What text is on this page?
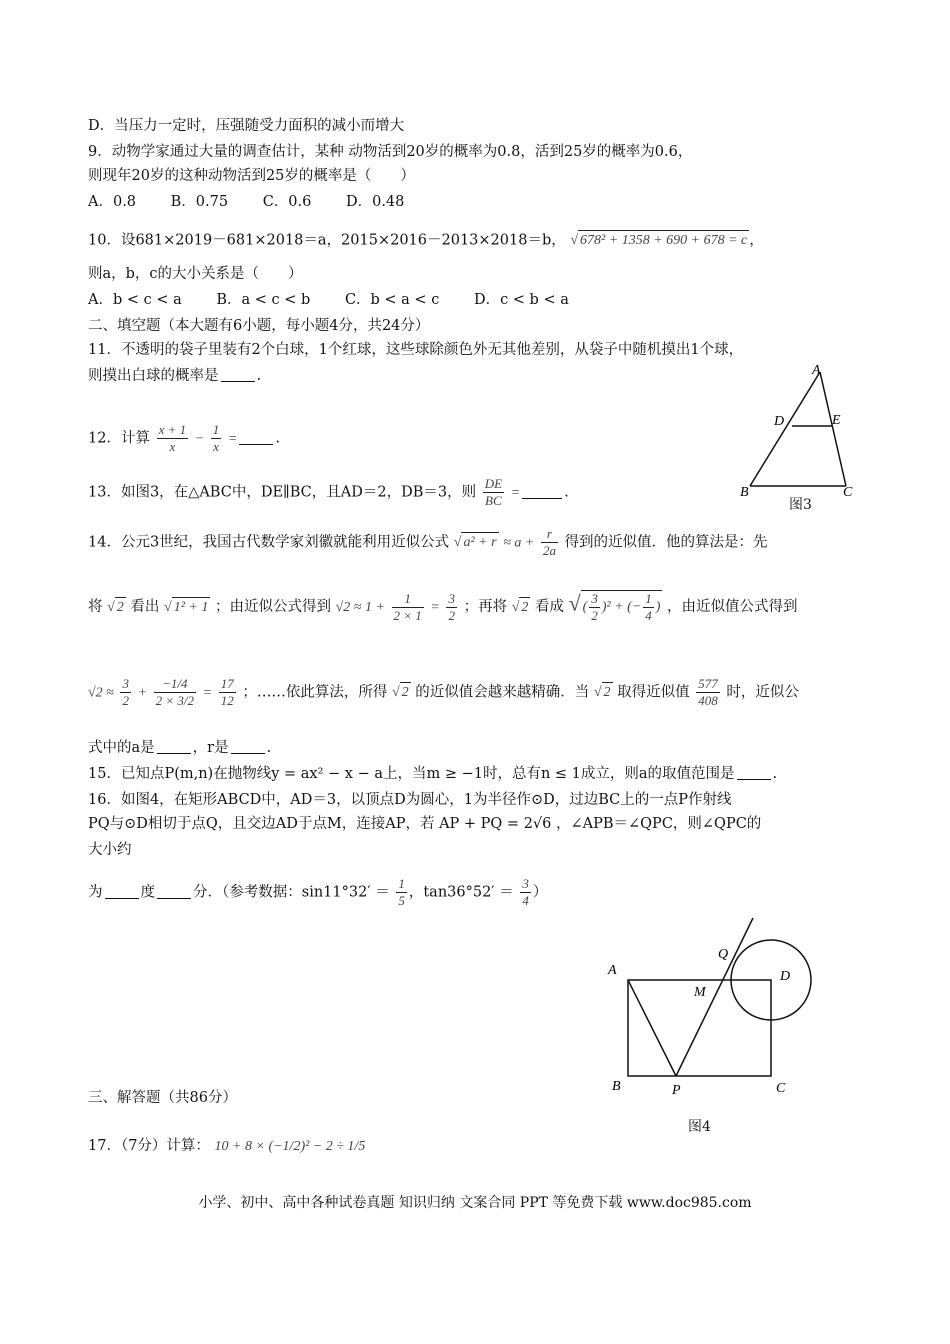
D．当压力一定时，压强随受力面积的减小而增大
9．动物学家通过大量的调查估计，某种 动物活到20岁的概率为0.8，活到25岁的概率为0.6，
则现年20岁的这种动物活到25岁的概率是（　　）
A．0.8 B．0.75 C．0.6 D．0.48
10．设681×2019－681×2018＝a，2015×2016－2013×2018＝b， √ 678² + 1358 + 690 + 678 = c ，
则a，b，c的大小关系是（　　）
A．b < c < a B．a < c < b C．b < a < c D．c < b < a
二、填空题（本大题有6小题，每小题4分，共24分）
11．不透明的袋子里装有2个白球，1个红球，这些球除颜色外无其他差别，从袋子中随机摸出1个球，
则摸出白球的概率是	.
12．计算 $\frac{x + 1}{x} - \frac{1}{x}$ =	.
13．如图3，在△ABC中，DE∥BC，且AD＝2，DB＝3，则 $\frac{DE}{BC}$ =	.
A
D	E
B	C
图3
14．公元3世纪，我国古代数学家刘徽就能利用近似公式 √ $a^2 + r \approx a + \frac{r}{2a}$ 得到的近似值．他的算法是：先
将 √ 2 看出 √ 1² + 1 ；由近似公式得到 $√2 \approx 1 + \frac{1}{2 \times 1} = \frac{3}{2}$ ；再将 √ 2 看成 √ ( $\frac{3}{2} )^2$ + (− $\frac{1}{4}$ ) ，由近似值公式得到
$√2 \approx \frac{3}{2} + \frac{-1/4}{2 \times 3/2} = \frac{17}{12}$ ；……依此算法，所得 √ 2 的近似值会越来越精确．当 √ 2 取得近似值 $\frac{577}{408}$ 时，近似公
式中的a是	，r是	.
15．已知点P(m,n)在抛物线y = ax² − x − a上，当m ≥ −1时，总有n ≤ 1成立，则a的取值范围是	.
16．如图4，在矩形ABCD中，AD＝3，以顶点D为圆心，1为半径作⊙D，过边BC上的一点P作射线
PQ与⊙D相切于点Q，且交边AD于点M，连接AP，若 AP + PQ = 2√6 ，∠APB＝∠QPC，则∠QPC的
大小约
为	度	分．（参考数据：$\sin 11^\circ 32' = \frac{1}{5}$ ，$\tan 36^\circ 52' = \frac{3}{4}$ ）
A
Q
D
M
B	P	C
图4
三、解答题（共86分）
17．（7分）计算： 10 + 8 × (−1/2)² − 2 ÷ 1/5
小学、初中、高中各种试卷真题 知识归纳 文案合同 PPT 等免费下载 www.doc985.com
